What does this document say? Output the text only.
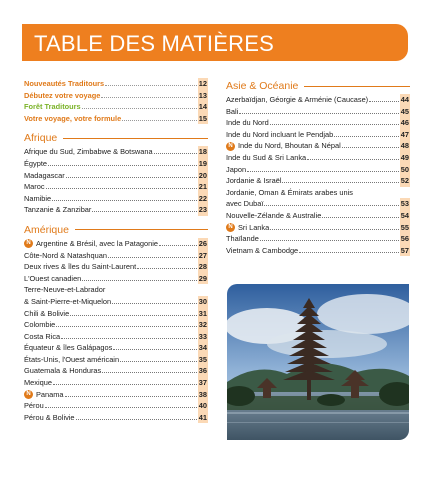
TABLE DES MATIÈRES
Nouveautés Traditours	12
Débutez votre voyage	13
Forêt Traditours	14
Votre voyage, votre formule	15
Afrique
Afrique du Sud, Zimbabwe & Botswana	18
Égypte	19
Madagascar	20
Maroc	21
Namibie	22
Tanzanie & Zanzibar	23
Amérique
N Argentine & Brésil, avec la Patagonie	26
Côte-Nord & Natashquan	27
Deux rives & îles du Saint-Laurent	28
L'Ouest canadien	29
Terre-Neuve-et-Labrador
& Saint-Pierre-et-Miquelon	30
Chili & Bolivie	31
Colombie	32
Costa Rica	33
Équateur & îles Galápagos	34
États-Unis, l'Ouest américain	35
Guatemala & Honduras	36
Mexique	37
N Panama	38
Pérou	40
Pérou & Bolivie	41
Asie & Océanie
Azerbaïdjan, Géorgie & Arménie (Caucase)	44
Bali	45
Inde du Nord	46
Inde du Nord incluant le Pendjab	47
N Inde du Nord, Bhoutan & Népal	48
Inde du Sud & Sri Lanka	49
Japon	50
Jordanie & Israël	52
Jordanie, Oman & Émirats arabes unis
avec Dubaï	53
Nouvelle-Zélande & Australie	54
N Sri Lanka	55
Thaïlande	56
Vietnam & Cambodge	57
